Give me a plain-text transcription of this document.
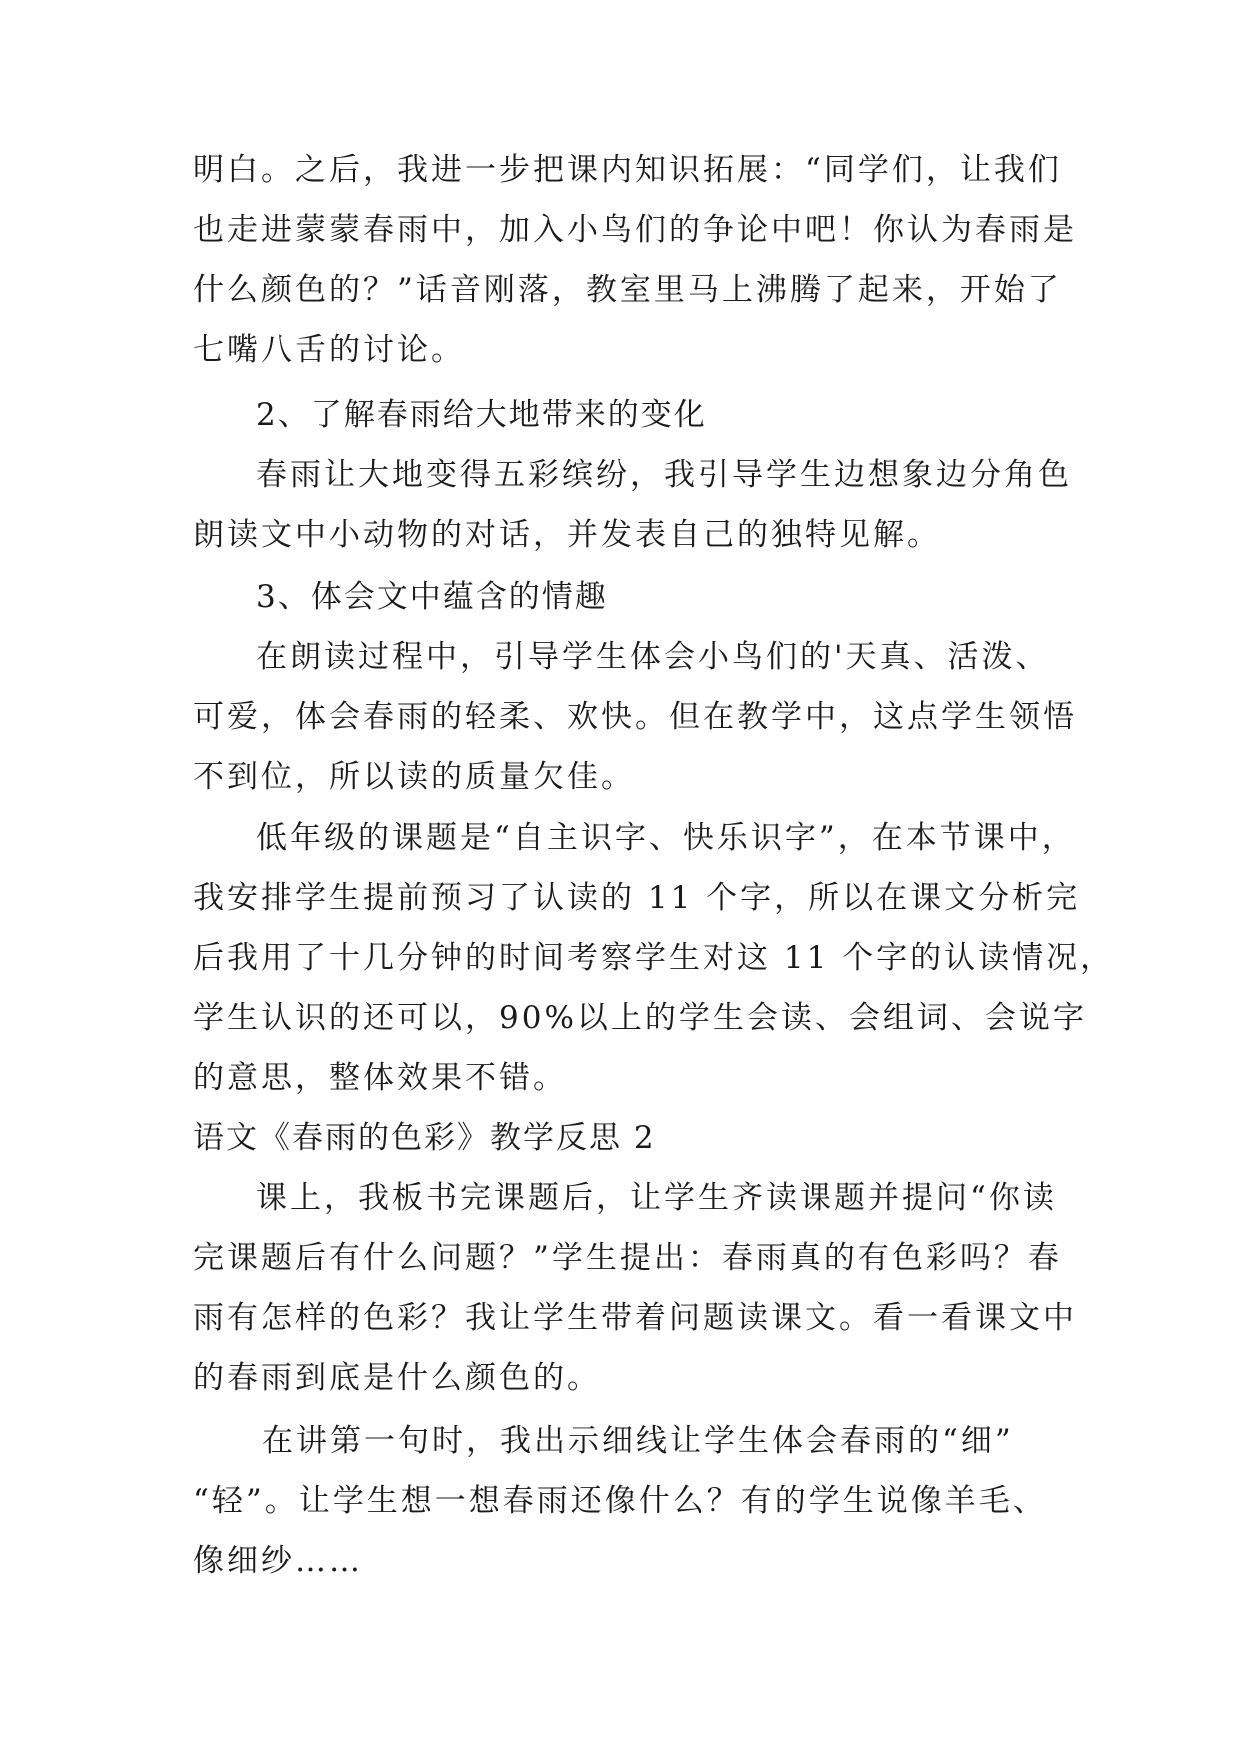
明白。之后，我进一步把课内知识拓展：“同学们，让我们
也走进蒙蒙春雨中，加入小鸟们的争论中吧！你认为春雨是
什么颜色的？”话音刚落，教室里马上沸腾了起来，开始了
七嘴八舌的讨论。
2、了解春雨给大地带来的变化
春雨让大地变得五彩缤纷，我引导学生边想象边分角色
朗读文中小动物的对话，并发表自己的独特见解。
3、体会文中蕴含的情趣
在朗读过程中，引导学生体会小鸟们的'天真、活泼、
可爱，体会春雨的轻柔、欢快。但在教学中，这点学生领悟
不到位，所以读的质量欠佳。
低年级的课题是“自主识字、快乐识字”，在本节课中，
我安排学生提前预习了认读的 11 个字，所以在课文分析完
后我用了十几分钟的时间考察学生对这 11 个字的认读情况，
学生认识的还可以，90%以上的学生会读、会组词、会说字
的意思，整体效果不错。
语文《春雨的色彩》教学反思 2
课上，我板书完课题后，让学生齐读课题并提问“你读
完课题后有什么问题？”学生提出：春雨真的有色彩吗？春
雨有怎样的色彩？我让学生带着问题读课文。看一看课文中
的春雨到底是什么颜色的。
在讲第一句时，我出示细线让学生体会春雨的“细”
“轻”。让学生想一想春雨还像什么？有的学生说像羊毛、
像细纱……
